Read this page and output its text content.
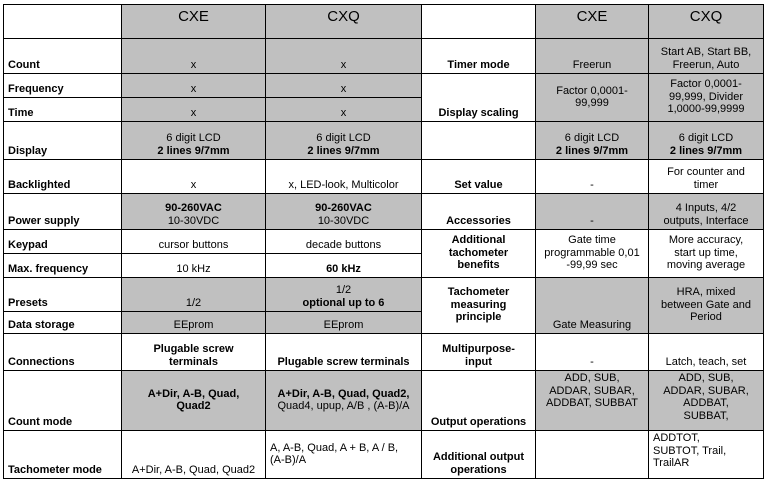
	CXE	CXQ		CXE	CXQ
Count	x	x	Timer mode	Freerun	Start AB, Start BB,
Freerun, Auto

Frequency	x	x	Display scaling	Factor 0,0001-
99,999	Factor 0,0001-
99,999, Divider
1,0000-99,9999

Time	x	x			
Display	6 digit LCD
2 lines 9/7mm	6 digit LCD
2 lines 9/7mm		6 digit LCD
2 lines 9/7mm	6 digit LCD
2 lines 9/7mm

Backlighted	x	x, LED-look, Multicolor	Set value	-	For counter and
timer

Power supply	90-260VAC
10-30VDC	90-260VAC
10-30VDC	Accessories	-	4 Inputs, 4/2
outputs, Interface

Keypad	cursor buttons	decade buttons	Additional
tachometer
benefits	Gate time
programmable 0,01
-99,99 sec	More accuracy,
start up time,
moving average

Max. frequency	10 kHz	60 kHz			
Presets	1/2	1/2
optional up to 6	Tachometer
measuring
principle	Gate Measuring	HRA, mixed
between Gate and
Period

Data storage	EEprom	EEprom			
Connections	Plugable screw
terminals	Plugable screw terminals	Multipurpose-
input	-	Latch, teach, set
Count mode	A+Dir, A-B, Quad,
Quad2	A+Dir, A-B, Quad, Quad2,
Quad4, upup, A/B , (A-B)/A	Output operations	ADD, SUB,
ADDAR, SUBAR,
ADDBAT, SUBBAT	ADD, SUB,
ADDAR, SUBAR,
ADDBAT,
SUBBAT,

Tachometer mode	A+Dir, A-B, Quad, Quad2	A, A-B, Quad, A + B, A / B,
(A-B)/A	Additional output
operations		ADDTOT,
SUBTOT, Trail,
TrailAR
